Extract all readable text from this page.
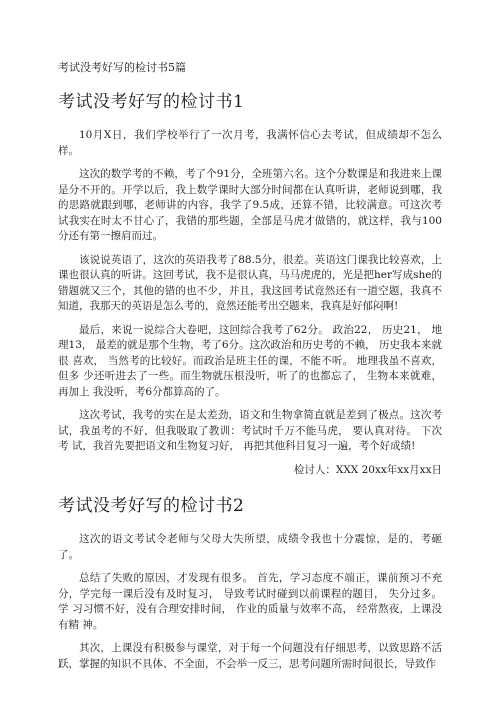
考试没考好写的检讨书5篇
考试没考好写的检讨书1

10月X日，我们学校举行了一次月考，我满怀信心去考试，但成绩却不怎么样。

这次的数学考的不赖，考了个91分，全班第六名。这个分数课是和我进来上课是分不开的。开学以后，我上数学课时大部分时间都在认真听讲，老师说到哪，我的思路就跟到哪，老师讲的内容，我学了9.5成，还算不错，比较满意。可这次考试我实在时太不甘心了，我错的那些题，全部是马虎才做错的，就这样，我与100分还有第一擦肩而过。

该说说英语了，这次的英语我考了88.5分，很差。英语这门课我比较喜欢，上课也很认真的听讲。这回考试，我不是很认真，马马虎虎的，光是把her写成she的错题就又三个，其他的错的也不少，并且，我这回考试竟然还有一道空题，我真不知道，我那天的英语是怎么考的，竟然还能考出空题来，我真是好郁闷啊!

最后，来说一说综合大卷吧，这回综合我考了62分。 政治22， 历史21， 地理13， 最差的就是那个生物，考了6分。这次政治和历史考的不赖， 历史我本来就很 喜欢， 当然考的比较好。而政治是班主任的课，不能不听。 地理我虽不喜欢，但多 少还听进去了一些。而生物就压根没听，听了的也都忘了， 生物本来就难， 再加上 我没听，考6分都算高的了。

这次考试，我考的实在是太差劲，语文和生物拿简直就是差到了极点。这次考试，我虽考的不好，但我吸取了教训：考试时千万不能马虎， 要认真对待。 下次考 试，我首先要把语文和生物复习好， 再把其他科目复习一遍，考个好成绩!

检讨人：XXX 20xx年xx月xx日

考试没考好写的检讨书2

这次的语文考试令老师与父母大失所望，成绩令我也十分震惊，是的，考砸了。

总结了失败的原因，才发现有很多。 首先，学习态度不端正，课前预习不充分，学完每一课后没有及时复习， 导致考试时碰到以前课程的题目， 失分过多。 学 习习惯不好，没有合理安排时间， 作业的质量与效率不高， 经常熬夜，上课没有精 神。

其次，上课没有积极参与课堂，对于每一个问题没有仔细思考，以致思路不活跃，掌握的知识不具体、不全面，不会举一反三，思考问题所需时间很长，导致作
